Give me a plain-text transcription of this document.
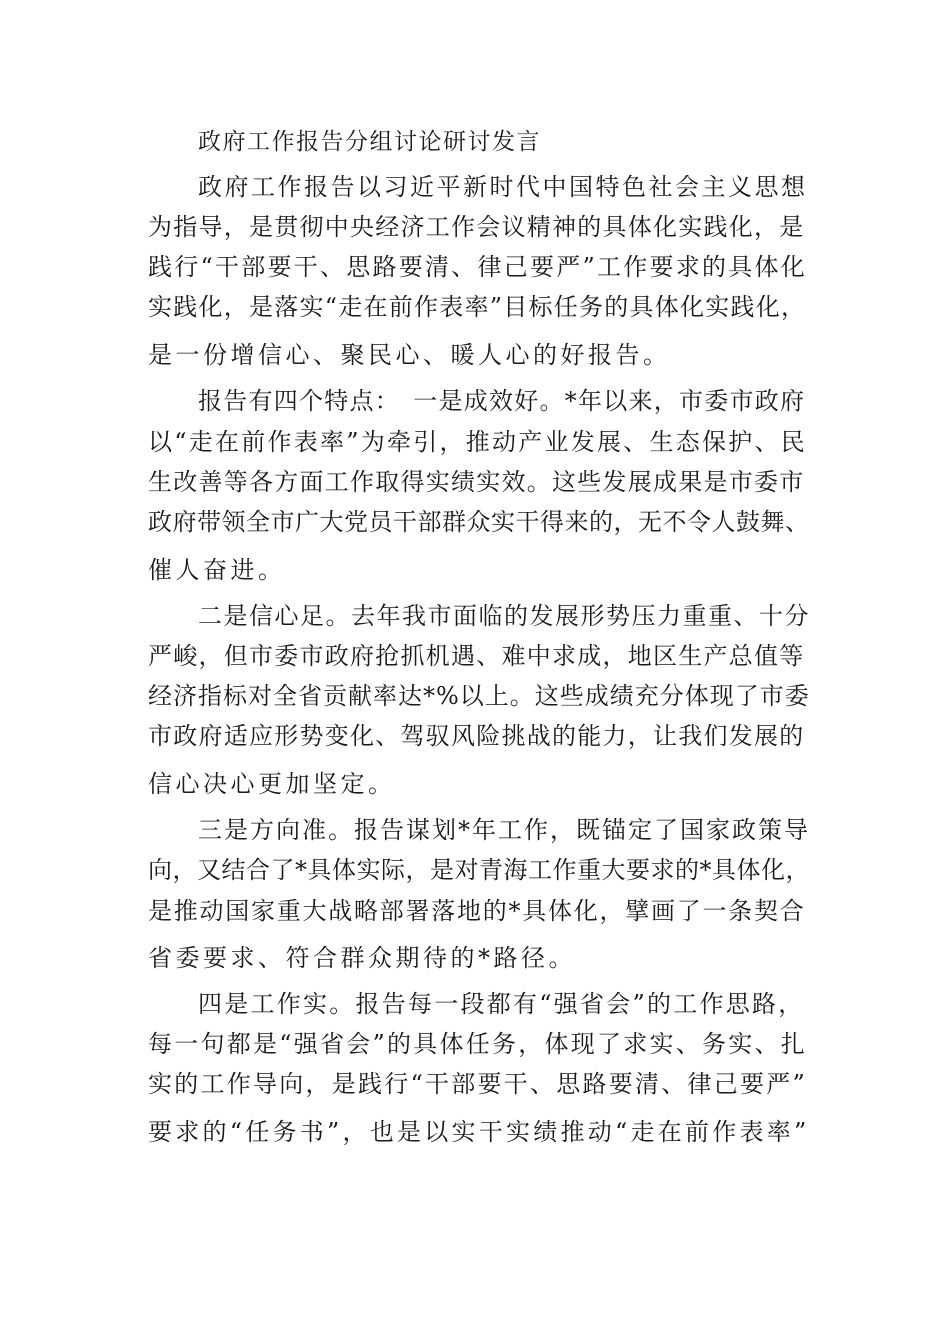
政府工作报告分组讨论研讨发言
政府工作报告以习近平新时代中国特色社会主义思想
为指导，是贯彻中央经济工作会议精神的具体化实践化，是
践行“干部要干、思路要清、律己要严”工作要求的具体化
实践化，是落实“走在前作表率”目标任务的具体化实践化，
是一份增信心、聚民心、暖人心的好报告。
报告有四个特点：　一是成效好。*年以来，市委市政府
以“走在前作表率”为牵引，推动产业发展、生态保护、民
生改善等各方面工作取得实绩实效。这些发展成果是市委市
政府带领全市广大党员干部群众实干得来的，无不令人鼓舞、
催人奋进。
二是信心足。去年我市面临的发展形势压力重重、十分
严峻，但市委市政府抢抓机遇、难中求成，地区生产总值等
经济指标对全省贡献率达*%以上。这些成绩充分体现了市委
市政府适应形势变化、驾驭风险挑战的能力，让我们发展的
信心决心更加坚定。
三是方向准。报告谋划*年工作，既锚定了国家政策导
向，又结合了*具体实际，是对青海工作重大要求的*具体化，
是推动国家重大战略部署落地的*具体化，擘画了一条契合
省委要求、符合群众期待的*路径。
四是工作实。报告每一段都有“强省会”的工作思路，
每一句都是“强省会”的具体任务，体现了求实、务实、扎
实的工作导向，是践行“干部要干、思路要清、律己要严”
要求的“任务书”，也是以实干实绩推动“走在前作表率”
